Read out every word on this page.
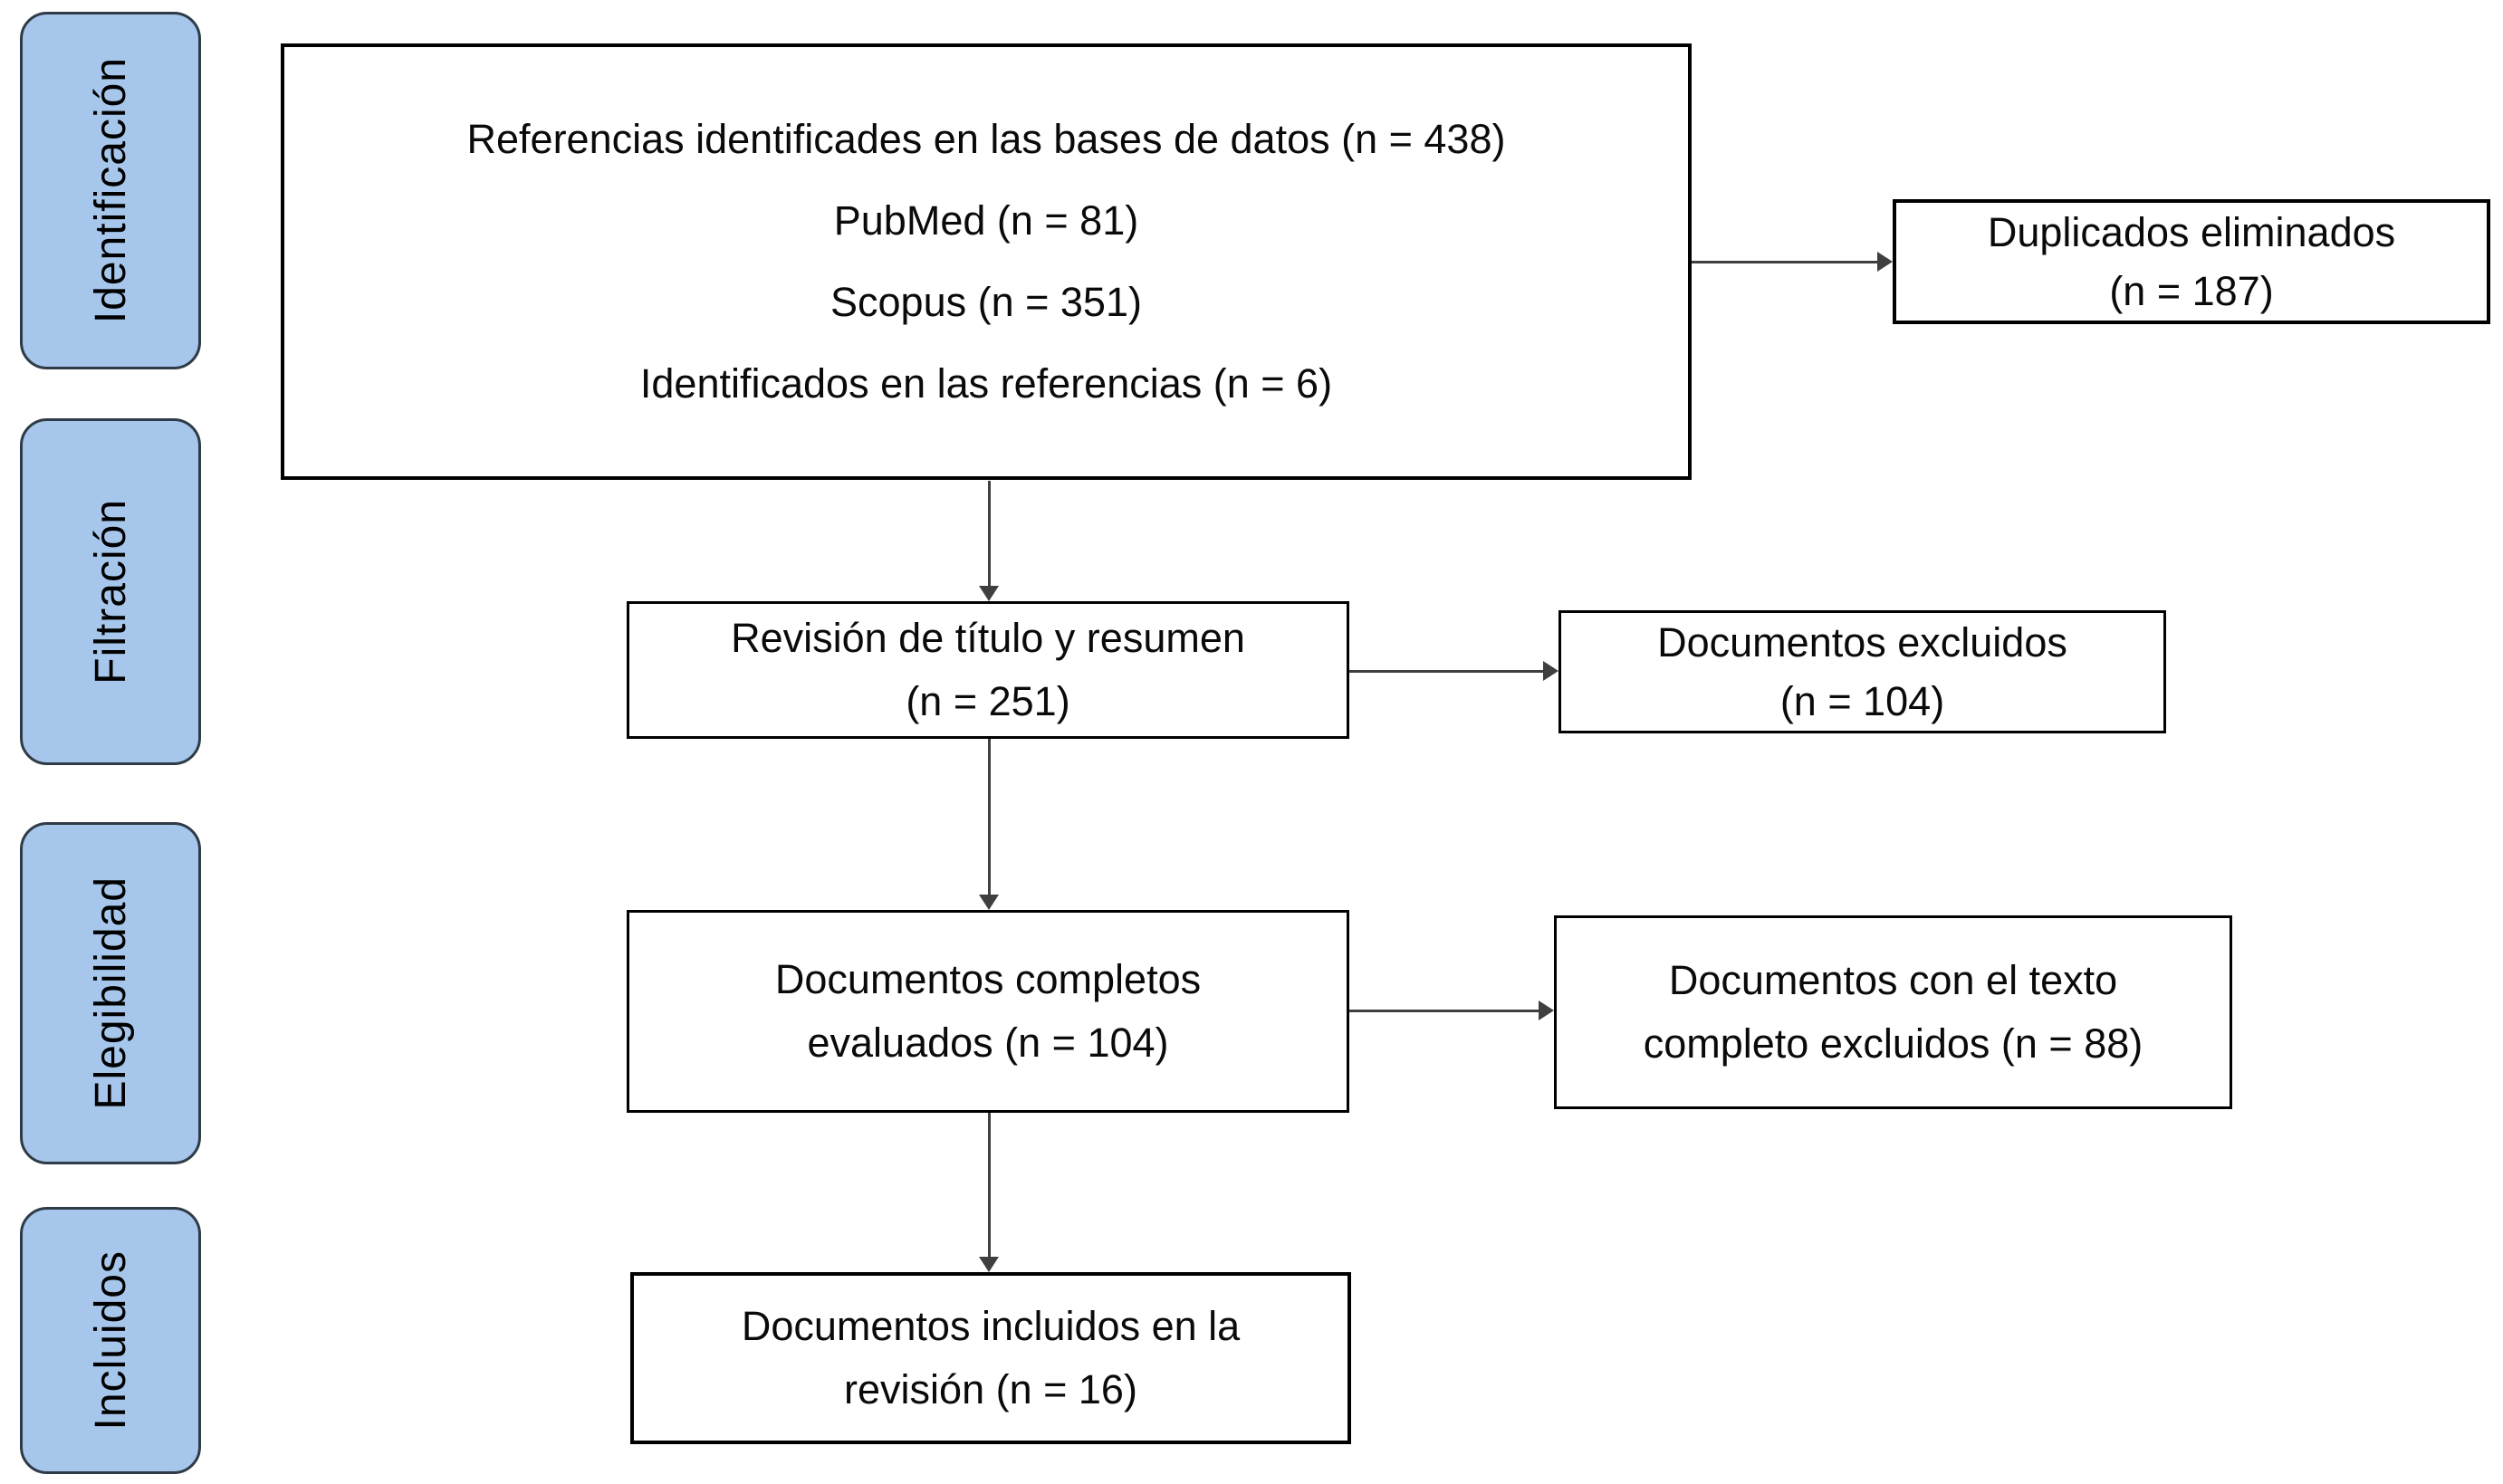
Identificación
Filtración
Elegibilidad
Incluidos
Referencias identificades en las bases de datos (n = 438)
PubMed (n = 81)
Scopus (n = 351)
Identificados en las referencias (n = 6)
Duplicados eliminados
(n = 187)
Revisión de título y resumen
(n = 251)
Documentos excluidos
(n = 104)
Documentos completos
evaluados (n = 104)
Documentos con el texto
completo excluidos (n = 88)
Documentos incluidos en la
revisión (n = 16)
